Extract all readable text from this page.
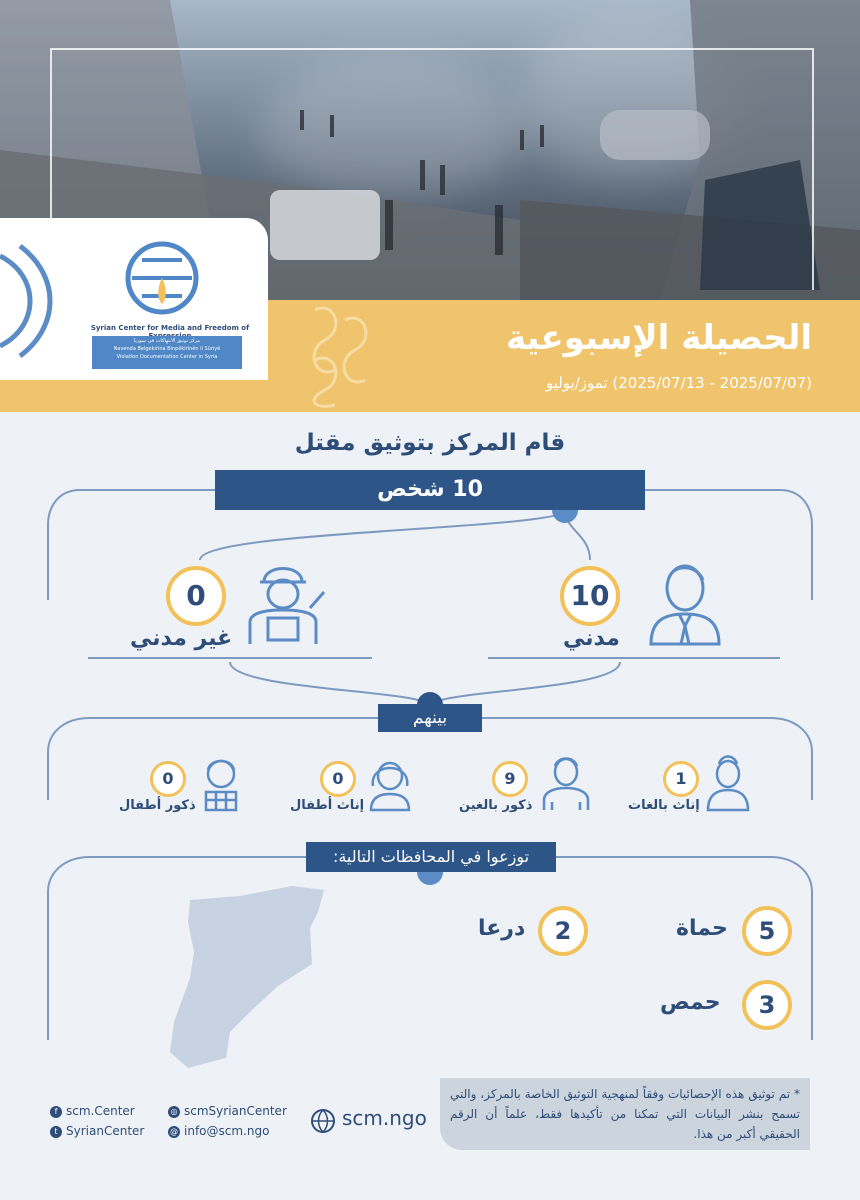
الحصيلة الإسبوعية
(2025/07/07 - 2025/07/13) تموز/يوليو
Syrian Center for Media and Freedom of
مركز توثيق الانتهاكات في سوريا
Navenda Belgekirina Binpêkirinên li Sûriyê
Violation Documentation Center in Syria
قام المركز بتوثيق مقتل
10 شخص
10
مدني
0
غير مدني
بينهم
1
إناث بالغات
9
ذكور بالغين
0
إناث أطفال
0
ذكور أطفال
توزعوا في المحافظات التالية:
5
حماة
2
درعا
3
حمص
* تم توثيق هذه الإحصائيات وفقاً لمنهجية التوثيق الخاصة بالمركز، والتي تسمح بنشر البيانات التي تمكنا من تأكيدها فقط، علماً أن الرقم الحقيقي أكبر من هذا.
f scm.Center	◎ scmSyrianCenter
t SyrianCenter	@ info@scm.ngo
scm.ngo
